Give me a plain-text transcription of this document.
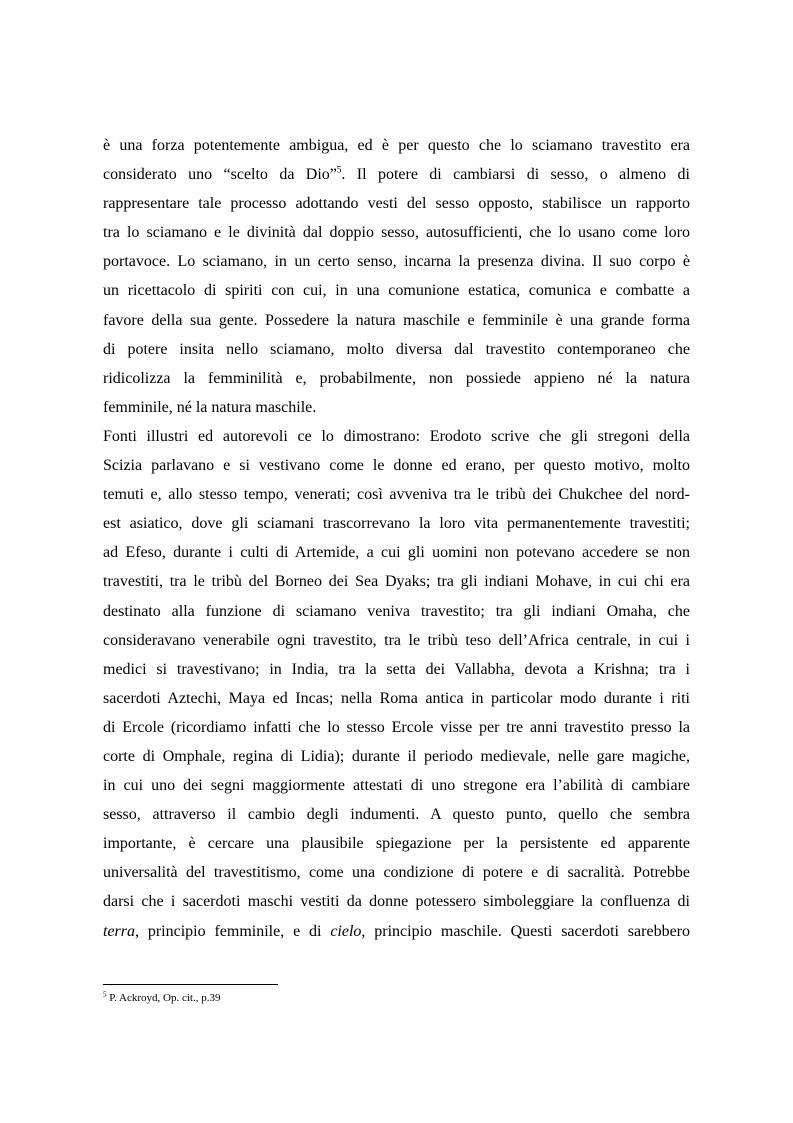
è una forza potentemente ambigua, ed è per questo che lo sciamano travestito era
considerato uno “scelto da Dio”$^5$. Il potere di cambiarsi di sesso, o almeno di
rappresentare tale processo adottando vesti del sesso opposto, stabilisce un rapporto
tra lo sciamano e le divinità dal doppio sesso, autosufficienti, che lo usano come loro
portavoce. Lo sciamano, in un certo senso, incarna la presenza divina. Il suo corpo è
un ricettacolo di spiriti con cui, in una comunione estatica, comunica e combatte a
favore della sua gente. Possedere la natura maschile e femminile è una grande forma
di potere insita nello sciamano, molto diversa dal travestito contemporaneo che
ridicolizza la femminilità e, probabilmente, non possiede appieno né la natura
femminile, né la natura maschile.
Fonti illustri ed autorevoli ce lo dimostrano: Erodoto scrive che gli stregoni della
Scizia parlavano e si vestivano come le donne ed erano, per questo motivo, molto
temuti e, allo stesso tempo, venerati; così avveniva tra le tribù dei Chukchee del nord-
est asiatico, dove gli sciamani trascorrevano la loro vita permanentemente travestiti;
ad Efeso, durante i culti di Artemide, a cui gli uomini non potevano accedere se non
travestiti, tra le tribù del Borneo dei Sea Dyaks; tra gli indiani Mohave, in cui chi era
destinato alla funzione di sciamano veniva travestito; tra gli indiani Omaha, che
consideravano venerabile ogni travestito, tra le tribù teso dell’Africa centrale, in cui i
medici si travestivano; in India, tra la setta dei Vallabha, devota a Krishna; tra i
sacerdoti Aztechi, Maya ed Incas; nella Roma antica in particolar modo durante i riti
di Ercole (ricordiamo infatti che lo stesso Ercole visse per tre anni travestito presso la
corte di Omphale, regina di Lidia); durante il periodo medievale, nelle gare magiche,
in cui uno dei segni maggiormente attestati di uno stregone era l’abilità di cambiare
sesso, attraverso il cambio degli indumenti. A questo punto, quello che sembra
importante, è cercare una plausibile spiegazione per la persistente ed apparente
universalità del travestitismo, come una condizione di potere e di sacralità. Potrebbe
darsi che i sacerdoti maschi vestiti da donne potessero simboleggiare la confluenza di
terra, principio femminile, e di cielo, principio maschile. Questi sacerdoti sarebbero
$^5$ P. Ackroyd, Op. cit., p.39
